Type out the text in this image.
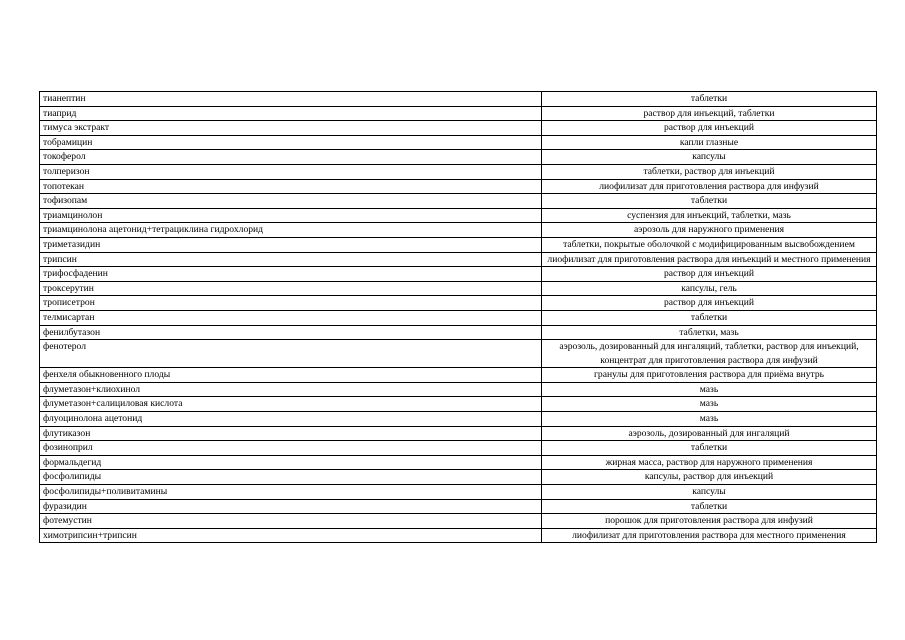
тианептин	таблетки
тиаприд	раствор для инъекций, таблетки
тимуса экстракт	раствор для инъекций
тобрамицин	капли глазные
токоферол	капсулы
толперизон	таблетки, раствор для инъекций
топотекан	лиофилизат для приготовления раствора для инфузий
тофизопам	таблетки
триамцинолон	суспензия для инъекций, таблетки, мазь
триамцинолона ацетонид+тетрациклина гидрохлорид	аэрозоль для наружного применения
триметазидин	таблетки, покрытые оболочкой с модифицированным высвобождением
трипсин	лиофилизат для приготовления раствора для инъекций и местного применения
трифосфаденин	раствор для инъекций
троксерутин	капсулы, гель
трописетрон	раствор для инъекций
телмисартан	таблетки
фенилбутазон	таблетки, мазь
фенотерол	аэрозоль, дозированный для ингаляций, таблетки, раствор для инъекций, концентрат для приготовления раствора для инфузий
фенхеля обыкновенного плоды	гранулы для приготовления раствора для приёма внутрь
флуметазон+клиохинол	мазь
флуметазон+салициловая кислота	мазь
флуоцинолона ацетонид	мазь
флутиказон	аэрозоль, дозированный для ингаляций
фозиноприл	таблетки
формальдегид	жирная масса, раствор для наружного применения
фосфолипиды	капсулы, раствор для инъекций
фосфолипиды+поливитамины	капсулы
фуразидин	таблетки
фотемустин	порошок для приготовления раствора для инфузий
химотрипсин+трипсин	лиофилизат для приготовления раствора для местного применения
